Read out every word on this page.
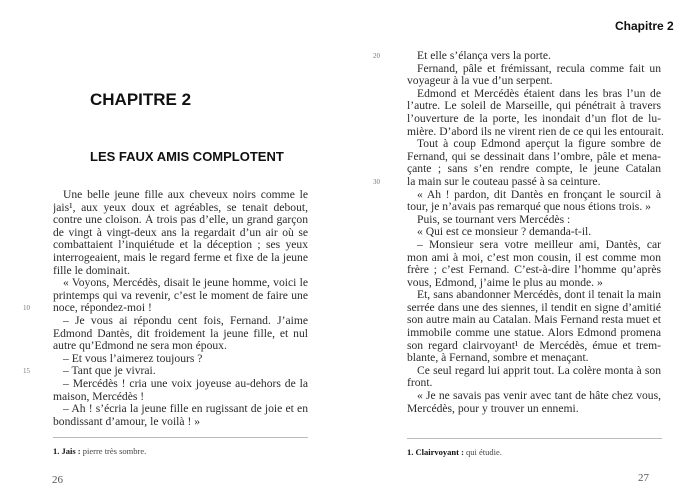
CHAPITRE 2
LES FAUX AMIS COMPLOTENT
Une belle jeune fille aux cheveux noirs comme le
jais¹, aux yeux doux et agréables, se tenait debout,
contre une cloison. À trois pas d’elle, un grand garçon
de vingt à vingt-deux ans la regardait d’un air où se
combattaient l’inquiétude et la déception ; ses yeux
interrogeaient, mais le regard ferme et fixe de la jeune
fille le dominait.
« Voyons, Mercédès, disait le jeune homme, voici le
printemps qui va revenir, c’est le moment de faire une
10 noce, répondez-moi !
– Je vous ai répondu cent fois, Fernand. J’aime
Edmond Dantès, dit froidement la jeune fille, et nul
autre qu’Edmond ne sera mon époux.
– Et vous l’aimerez toujours ?
15	– Tant que je vivrai.
– Mercédès ! cria une voix joyeuse au-dehors de la
maison, Mercédès !
– Ah ! s’écria la jeune fille en rugissant de joie et en
bondissant d’amour, le voilà ! »
1. Jais : pierre très sombre.
26
Chapitre 2
20	Et elle s’élança vers la porte.
Fernand, pâle et frémissant, recula comme fait un
voyageur à la vue d’un serpent.
Edmond et Mercédès étaient dans les bras l’un de
l’autre. Le soleil de Marseille, qui pénétrait à travers
l’ouverture de la porte, les inondait d’un flot de lu-
mière. D’abord ils ne virent rien de ce qui les entourait.
Tout à coup Edmond aperçut la figure sombre de
Fernand, qui se dessinait dans l’ombre, pâle et mena-
çante ; sans s’en rendre compte, le jeune Catalan
30 la main sur le couteau passé à sa ceinture.
« Ah ! pardon, dit Dantès en fronçant le sourcil à
tour, je n’avais pas remarqué que nous étions trois. »
Puis, se tournant vers Mercédès :
« Qui est ce monsieur ? demanda-t-il.
– Monsieur sera votre meilleur ami, Dantès, car
mon ami à moi, c’est mon cousin, il est comme mon
frère ; c’est Fernand. C’est-à-dire l’homme qu’après
vous, Edmond, j’aime le plus au monde. »
Et, sans abandonner Mercédès, dont il tenait la main
serrée dans une des siennes, il tendit en signe d’amitié
son autre main au Catalan. Mais Fernand resta muet et
immobile comme une statue. Alors Edmond promena
son regard clairvoyant¹ de Mercédès, émue et trem-
blante, à Fernand, sombre et menaçant.
Ce seul regard lui apprit tout. La colère monta à son
front.
« Je ne savais pas venir avec tant de hâte chez vous,
Mercédès, pour y trouver un ennemi.
1. Clairvoyant : qui étudie.
27
